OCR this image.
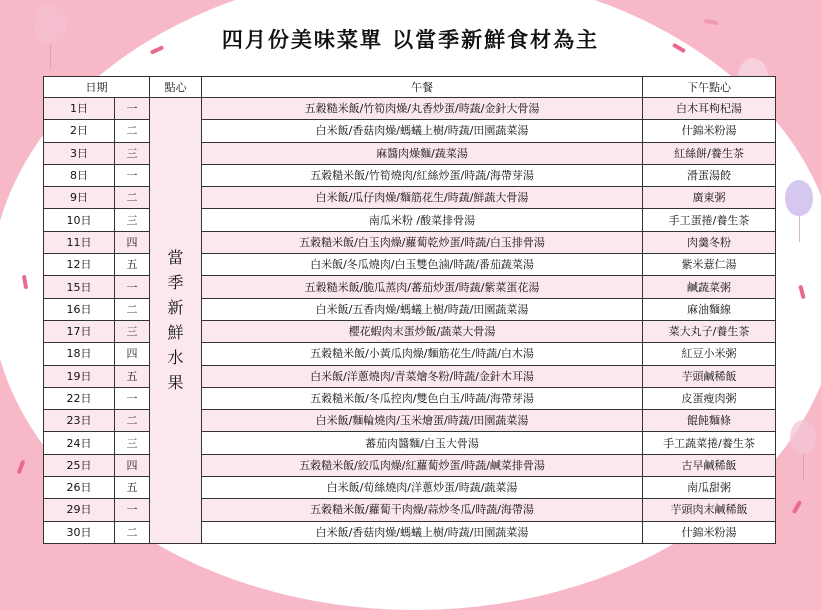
四月份美味菜單 以當季新鮮食材為主
日期		點心	午餐	下午點心
1日	一	當季新鮮水果	五穀糙米飯/竹筍肉燥/丸香炒蛋/時蔬/金針大骨湯	白木耳枸杞湯
2日	二		白米飯/香菇肉燥/螞蟻上樹/時蔬/田園蔬菜湯	什錦米粉湯
3日	三		麻醬肉燥麵/蔬菜湯	紅絲餅/養生茶
8日	一		五穀糙米飯/竹筍燒肉/紅絲炒蛋/時蔬/海帶芽湯	滑蛋湯餃
9日	二		白米飯/瓜仔肉燥/麵筋花生/時蔬/鮮蔬大骨湯	廣東粥
10日	三		南瓜米粉 /酸菜排骨湯	手工蛋捲/養生茶
11日	四		五穀糙米飯/白玉肉燥/蘿蔔乾炒蛋/時蔬/白玉排骨湯	肉羹冬粉
12日	五		白米飯/冬瓜燒肉/白玉雙色滷/時蔬/番茄蔬菜湯	紫米薏仁湯
15日	一		五穀糙米飯/脆瓜蒸肉/蕃茄炒蛋/時蔬/紫菜蛋花湯	鹹蔬菜粥
16日	二		白米飯/五香肉燥/螞蟻上樹/時蔬/田園蔬菜湯	麻油麵線
17日	三		櫻花蝦肉末蛋炒飯/蔬菜大骨湯	菜大丸子/養生茶
18日	四		五穀糙米飯/小黃瓜肉燥/麵筋花生/時蔬/白木湯	紅豆小米粥
19日	五		白米飯/洋蔥燒肉/青菜燴冬粉/時蔬/金針木耳湯	芋頭鹹稀飯
22日	一		五穀糙米飯/冬瓜控肉/雙色白玉/時蔬/海帶芽湯	皮蛋瘦肉粥
23日	二		白米飯/麵輪燒肉/玉米燴蛋/時蔬/田園蔬菜湯	餛飩麵條
24日	三		蕃茄肉醬麵/白玉大骨湯	手工蔬菜捲/養生茶
25日	四		五穀糙米飯/絞瓜肉燥/紅蘿蔔炒蛋/時蔬/鹹菜排骨湯	古早鹹稀飯
26日	五		白米飯/荀絲燒肉/洋蔥炒蛋/時蔬/蔬菜湯	南瓜甜粥
29日	一		五穀糙米飯/蘿蔔干肉燥/蒜炒冬瓜/時蔬/海帶湯	芋頭肉末鹹稀飯
30日	二		白米飯/香菇肉燥/螞蟻上樹/時蔬/田園蔬菜湯	什錦米粉湯
